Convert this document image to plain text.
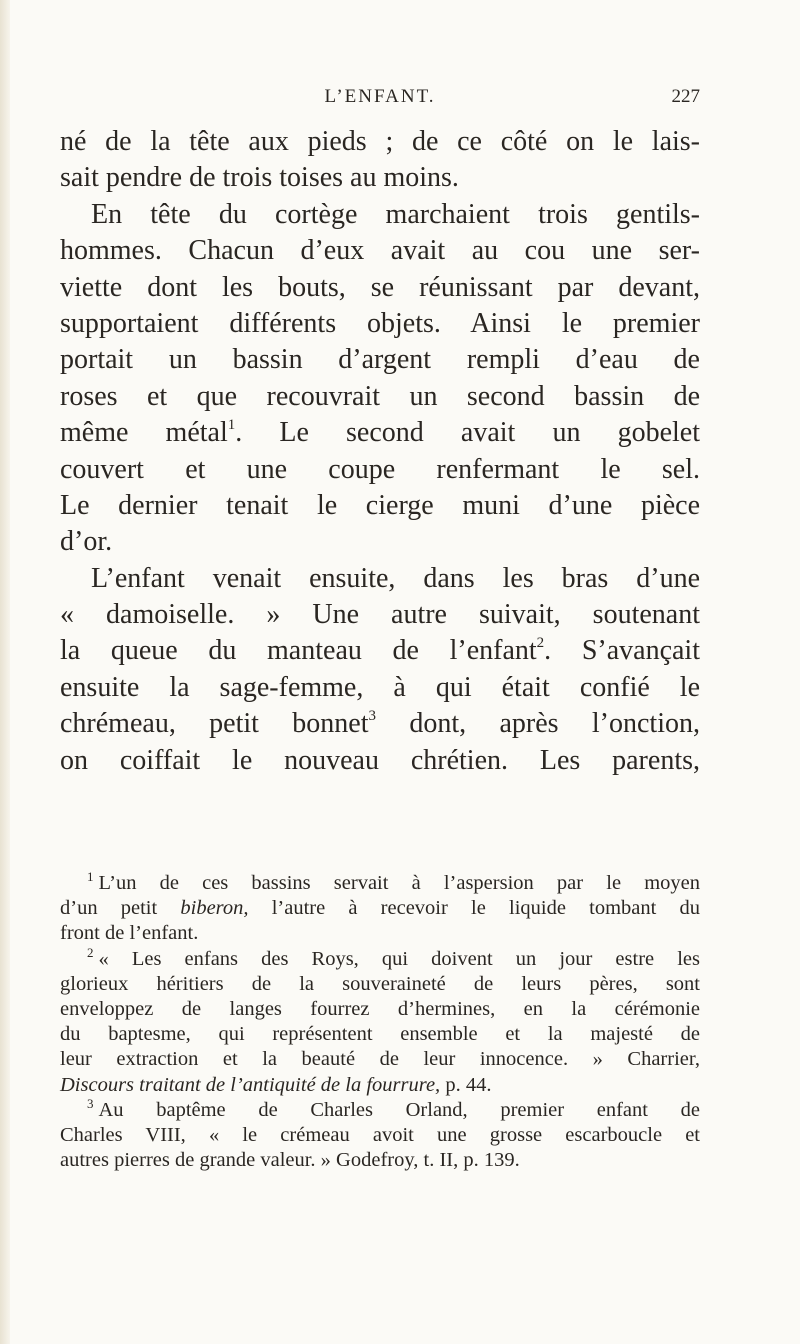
L’ENFANT.	227
né de la tête aux pieds ; de ce côté on le lais-
sait pendre de trois toises au moins.
En tête du cortège marchaient trois gentils-
hommes. Chacun d’eux avait au cou une ser-
viette dont les bouts, se réunissant par devant,
supportaient différents objets. Ainsi le premier
portait un bassin d’argent rempli d’eau de
roses et que recouvrait un second bassin de
même métal$^1$. Le second avait un gobelet
couvert et une coupe renfermant le sel.
Le dernier tenait le cierge muni d’une pièce
d’or.
L’enfant venait ensuite, dans les bras d’une
« damoiselle. » Une autre suivait, soutenant
la queue du manteau de l’enfant$^2$. S’avançait
ensuite la sage-femme, à qui était confié le
chrémeau, petit bonnet$^3$ dont, après l’onction,
on coiffait le nouveau chrétien. Les parents,
$^1$ L’un de ces bassins servait à l’aspersion par le moyen
d’un petit biberon, l’autre à recevoir le liquide tombant du
front de l’enfant.
$^2$ « Les enfans des Roys, qui doivent un jour estre les
glorieux héritiers de la souveraineté de leurs pères, sont
enveloppez de langes fourrez d’hermines, en la cérémonie
du baptesme, qui représentent ensemble et la majesté de
leur extraction et la beauté de leur innocence. » Charrier,
Discours traitant de l’antiquité de la fourrure, p. 44.
$^3$ Au baptême de Charles Orland, premier enfant de
Charles VIII, « le crémeau avoit une grosse escarboucle et
autres pierres de grande valeur. » Godefroy, t. II, p. 139.
